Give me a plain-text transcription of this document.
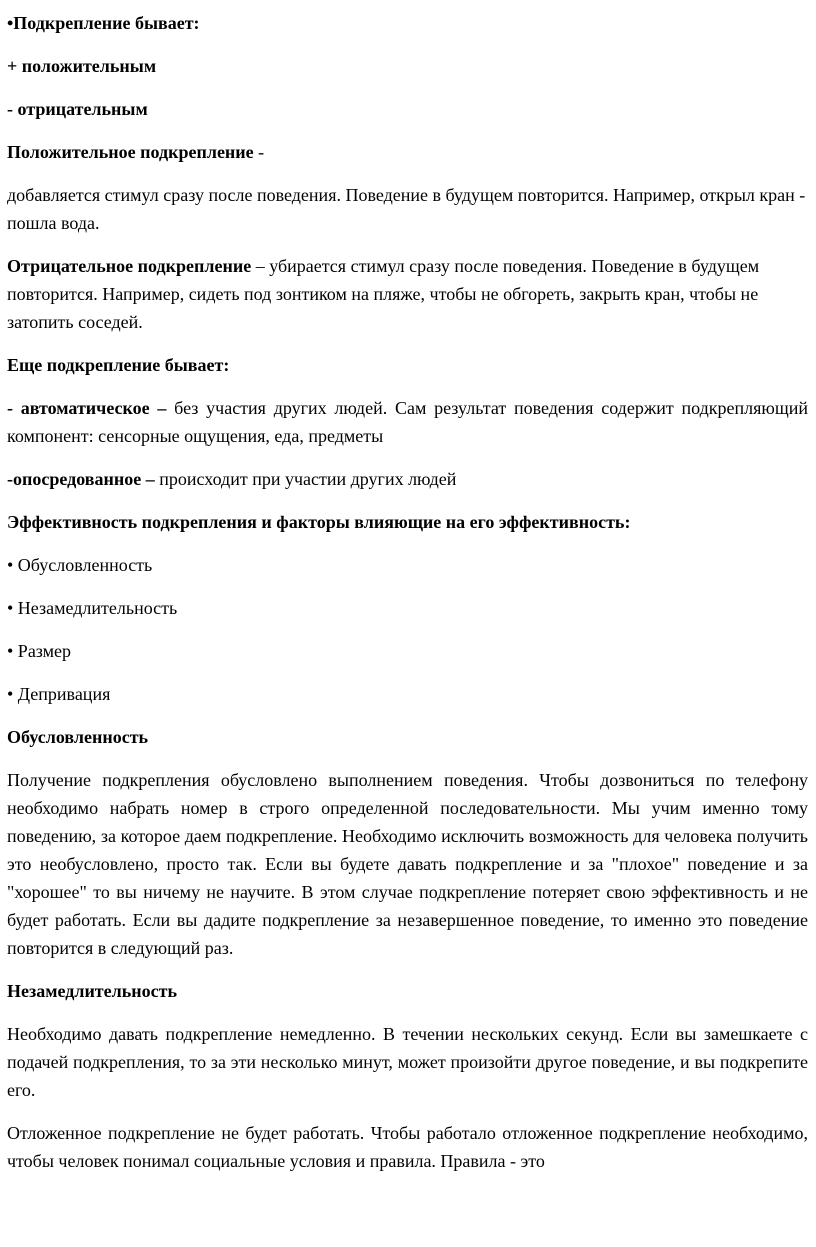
•Подкрепление бывает:

+ положительным

- отрицательным

Положительное подкрепление -

добавляется стимул сразу после поведения. Поведение в будущем повторится. Например, открыл кран - пошла вода.

Отрицательное подкрепление – убирается стимул сразу после поведения. Поведение в будущем повторится. Например, сидеть под зонтиком на пляже, чтобы не обгореть, закрыть кран, чтобы не затопить соседей.

Еще подкрепление бывает:

- автоматическое – без участия других людей. Сам результат поведения содержит подкрепляющий компонент: сенсорные ощущения, еда, предметы

-опосредованное – происходит при участии других людей

Эффективность подкрепления и факторы влияющие на его эффективность:

• Обусловленность

• Незамедлительность

• Размер

• Депривация

Обусловленность

Получение подкрепления обусловлено выполнением поведения. Чтобы дозвониться по телефону необходимо набрать номер в строго определенной последовательности. Мы учим именно тому поведению, за которое даем подкрепление. Необходимо исключить возможность для человека получить это необусловлено, просто так. Если вы будете давать подкрепление и за "плохое" поведение и за "хорошее" то вы ничему не научите. В этом случае подкрепление потеряет свою эффективность и не будет работать. Если вы дадите подкрепление за незавершенное поведение, то именно это поведение повторится в следующий раз.

Незамедлительность

Необходимо давать подкрепление немедленно. В течении нескольких секунд. Если вы замешкаете с подачей подкрепления, то за эти несколько минут, может произойти другое поведение, и вы подкрепите его.

Отложенное подкрепление не будет работать. Чтобы работало отложенное подкрепление необходимо, чтобы человек понимал социальные условия и правила. Правила - это
